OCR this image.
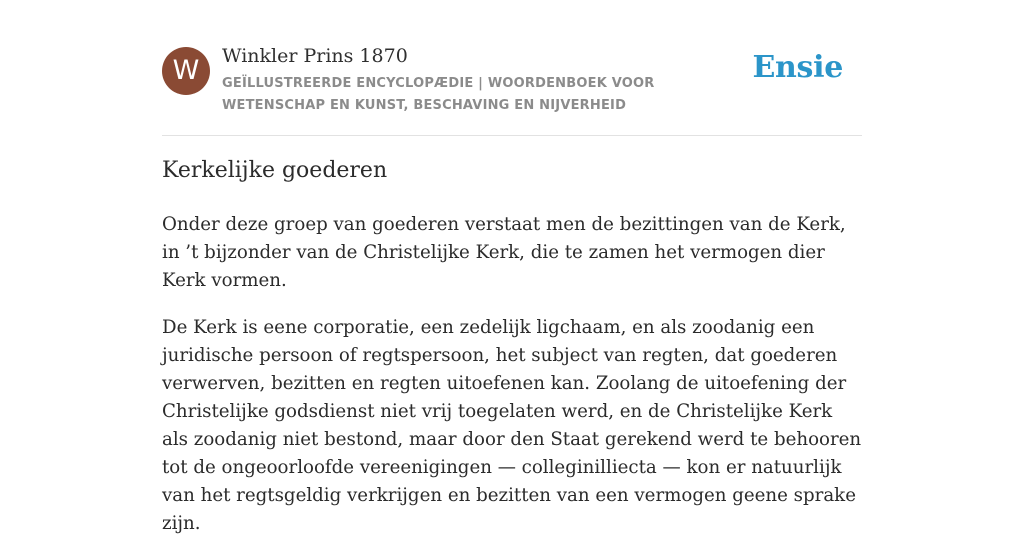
W	Winkler Prins 1870
GEÏLLUSTREERDE ENCYCLOPÆDIE | WOORDENBOEK VOOR WETENSCHAP EN KUNST, BESCHAVING EN NIJVERHEID
Ensie
Kerkelijke goederen

Onder deze groep van goederen verstaat men de bezittingen van de Kerk, in ’t bijzonder van de Christelijke Kerk, die te zamen het vermogen dier Kerk vormen.

De Kerk is eene corporatie, een zedelijk ligchaam, en als zoodanig een juridische persoon of regtspersoon, het subject van regten, dat goederen verwerven, bezitten en regten uitoefenen kan. Zoolang de uitoefening der Christelijke godsdienst niet vrij toegelaten werd, en de Christelijke Kerk als zoodanig niet bestond, maar door den Staat gerekend werd te behooren tot de ongeoorloofde vereenigingen — colleginilliecta — kon er natuurlijk van het regtsgeldig verkrijgen en bezitten van een vermogen geene sprake zijn.
